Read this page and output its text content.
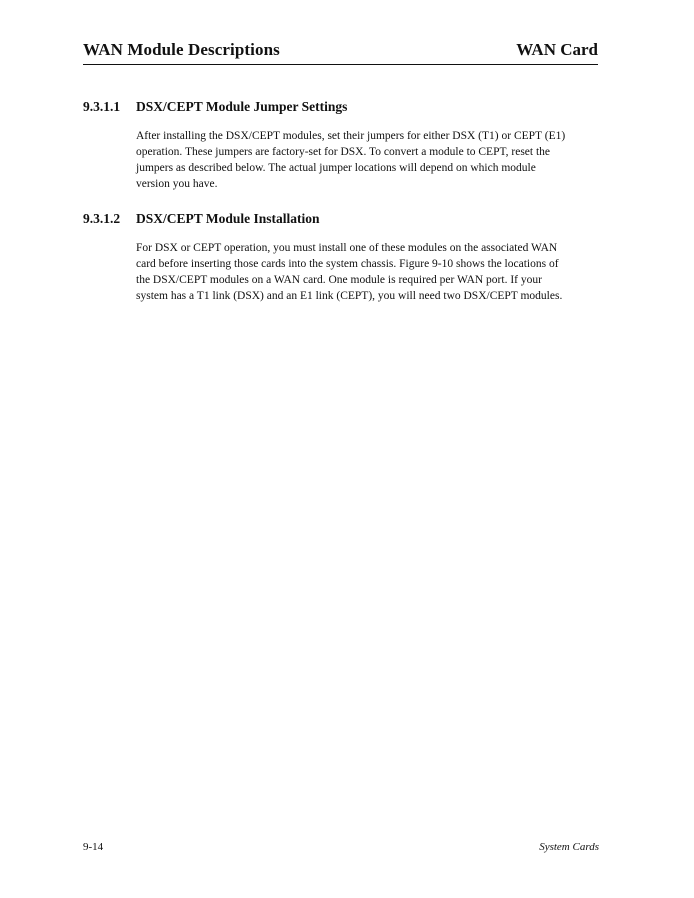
WAN Module Descriptions	WAN Card
9.3.1.1 DSX/CEPT Module Jumper Settings
After installing the DSX/CEPT modules, set their jumpers for either DSX (T1) or CEPT (E1)
operation. These jumpers are factory-set for DSX. To convert a module to CEPT, reset the
jumpers as described below. The actual jumper locations will depend on which module
version you have.
9.3.1.2 DSX/CEPT Module Installation
For DSX or CEPT operation, you must install one of these modules on the associated WAN
card before inserting those cards into the system chassis. Figure 9-10 shows the locations of
the DSX/CEPT modules on a WAN card. One module is required per WAN port. If your
system has a T1 link (DSX) and an E1 link (CEPT), you will need two DSX/CEPT modules.
9-14	System Cards
